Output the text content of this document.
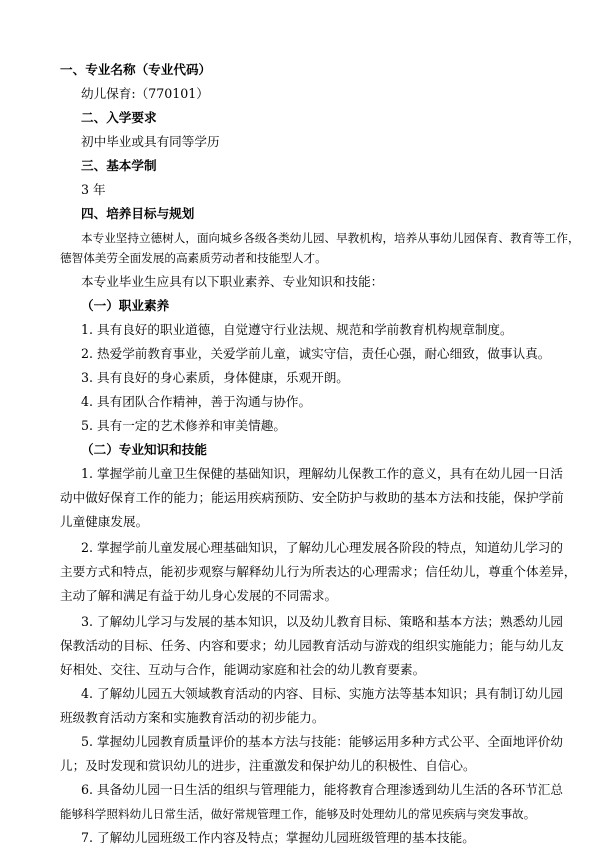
一、专业名称（专业代码）

幼儿保育:（770101）

二、入学要求

初中毕业或具有同等学历

三、基本学制

3 年

四、培养目标与规划

本专业坚持立德树人，面向城乡各级各类幼儿园、早教机构，培养从事幼儿园保育、教育等工作，

德智体美劳全面发展的高素质劳动者和技能型人才。

本专业毕业生应具有以下职业素养、专业知识和技能：

（一）职业素养

1. 具有良好的职业道德，自觉遵守行业法规、规范和学前教育机构规章制度。

2. 热爱学前教育事业，关爱学前儿童，诚实守信，责任心强，耐心细致，做事认真。

3. 具有良好的身心素质，身体健康，乐观开朗。

4. 具有团队合作精神，善于沟通与协作。

5. 具有一定的艺术修养和审美情趣。

（二）专业知识和技能

1. 掌握学前儿童卫生保健的基础知识，理解幼儿保教工作的意义，具有在幼儿园一日活

动中做好保育工作的能力；能运用疾病预防、安全防护与救助的基本方法和技能，保护学前

儿童健康发展。

2. 掌握学前儿童发展心理基础知识，了解幼儿心理发展各阶段的特点，知道幼儿学习的

主要方式和特点，能初步观察与解释幼儿行为所表达的心理需求；信任幼儿，尊重个体差异，

主动了解和满足有益于幼儿身心发展的不同需求。

3. 了解幼儿学习与发展的基本知识，以及幼儿教育目标、策略和基本方法；熟悉幼儿园

保教活动的目标、任务、内容和要求；幼儿园教育活动与游戏的组织实施能力；能与幼儿友

好相处、交往、互动与合作，能调动家庭和社会的幼儿教育要素。

4. 了解幼儿园五大领域教育活动的内容、目标、实施方法等基本知识；具有制订幼儿园

班级教育活动方案和实施教育活动的初步能力。

5. 掌握幼儿园教育质量评价的基本方法与技能：能够运用多种方式公平、全面地评价幼

儿；及时发现和赏识幼儿的进步，注重激发和保护幼儿的积极性、自信心。

6. 具备幼儿园一日生活的组织与管理能力，能将教育合理渗透到幼儿生活的各环节汇总

能够科学照料幼儿日常生活，做好常规管理工作，能够及时处理幼儿的常见疾病与突发事故。

7. 了解幼儿园班级工作内容及特点；掌握幼儿园班级管理的基本技能。
